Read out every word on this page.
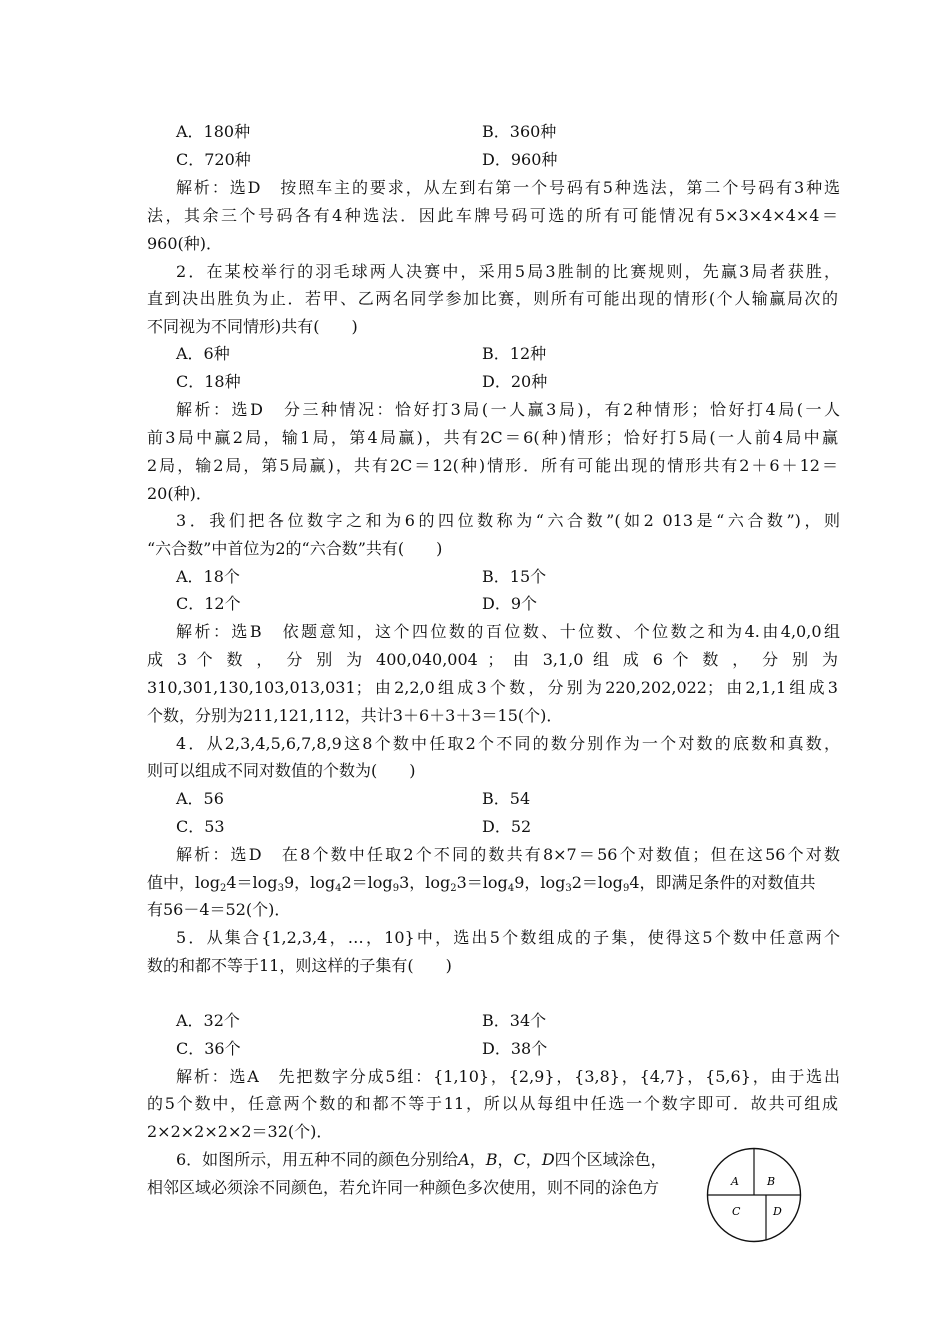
A．180种	B．360种
C．720种	D．960种
解析：选D　按照车主的要求，从左到右第一个号码有5种选法，第二个号码有3种选
法，其余三个号码各有4种选法．因此车牌号码可选的所有可能情况有5×3×4×4×4＝
960(种)．
2．在某校举行的羽毛球两人决赛中，采用5局3胜制的比赛规则，先赢3局者获胜，
直到决出胜负为止．若甲、乙两名同学参加比赛，则所有可能出现的情形(个人输赢局次的
不同视为不同情形)共有(　　)
A．6种	B．12种
C．18种	D．20种
解析：选D　分三种情况：恰好打3局(一人赢3局)，有2种情形；恰好打4局(一人
前3局中赢2局，输1局，第4局赢)，共有2C＝6(种)情形；恰好打5局(一人前4局中赢
2局，输2局，第5局赢)，共有2C＝12(种)情形．所有可能出现的情形共有2＋6＋12＝
20(种)．
3．我们把各位数字之和为6的四位数称为“六合数”(如2 013是“六合数”)，则
“六合数”中首位为2的“六合数”共有(　　)
A．18个	B．15个
C．12个	D．9个
解析：选B　依题意知，这个四位数的百位数、十位数、个位数之和为4.由4,0,0组
成 3 个 数 ， 分 别 为 400,040,004 ； 由 3,1,0 组 成 6 个 数 ， 分 别 为
310,301,130,103,013,031；由2,2,0组成3个数，分别为220,202,022；由2,1,1组成3
个数，分别为211,121,112，共计3＋6＋3＋3＝15(个)．
4．从2,3,4,5,6,7,8,9这8个数中任取2个不同的数分别作为一个对数的底数和真数，
则可以组成不同对数值的个数为(　　)
A．56	B．54
C．53	D．52
解析：选D　在8个数中任取2个不同的数共有8×7＝56个对数值；但在这56个对数
值中，$\log_24=\log_39$，$\log_42=\log_93$，$\log_23=\log_49$，$\log_32=\log_94$，即满足条件的对数值共
有56－4＝52(个)．
5．从集合{1,2,3,4，…，10}中，选出5个数组成的子集，使得这5个数中任意两个
数的和都不等于11，则这样的子集有(　　)
A．32个	B．34个
C．36个	D．38个
解析：选A　先把数字分成5组：{1,10}，{2,9}，{3,8}，{4,7}，{5,6}，由于选出
的5个数中，任意两个数的和都不等于11，所以从每组中任选一个数字即可．故共可组成
2×2×2×2×2＝32(个)．
6．如图所示，用五种不同的颜色分别给A，B，C，D四个区域涂色，
相邻区域必须涂不同颜色，若允许同一种颜色多次使用，则不同的涂色方	A	B
C	D
